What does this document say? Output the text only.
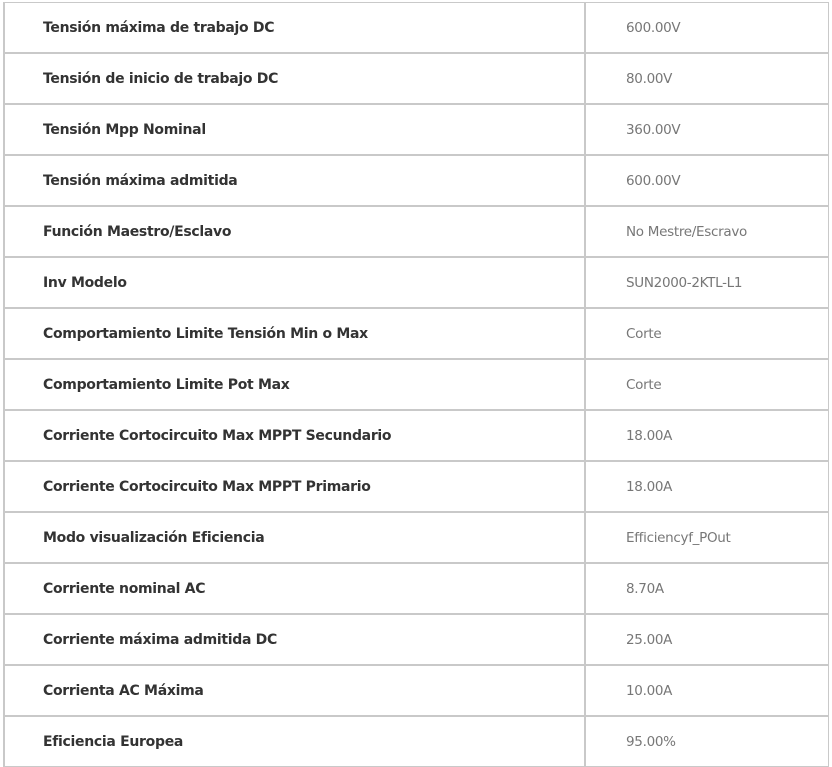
Tensión máxima de trabajo DC	600.00V
Tensión de inicio de trabajo DC	80.00V
Tensión Mpp Nominal	360.00V
Tensión máxima admitida	600.00V
Función Maestro/Esclavo	No Mestre/Escravo
Inv Modelo	SUN2000-2KTL-L1
Comportamiento Limite Tensión Min o Max	Corte
Comportamiento Limite Pot Max	Corte
Corriente Cortocircuito Max MPPT Secundario	18.00A
Corriente Cortocircuito Max MPPT Primario	18.00A
Modo visualización Eficiencia	Efficiencyf_POut
Corriente nominal AC	8.70A
Corriente máxima admitida DC	25.00A
Corrienta AC Máxima	10.00A
Eficiencia Europea	95.00%
